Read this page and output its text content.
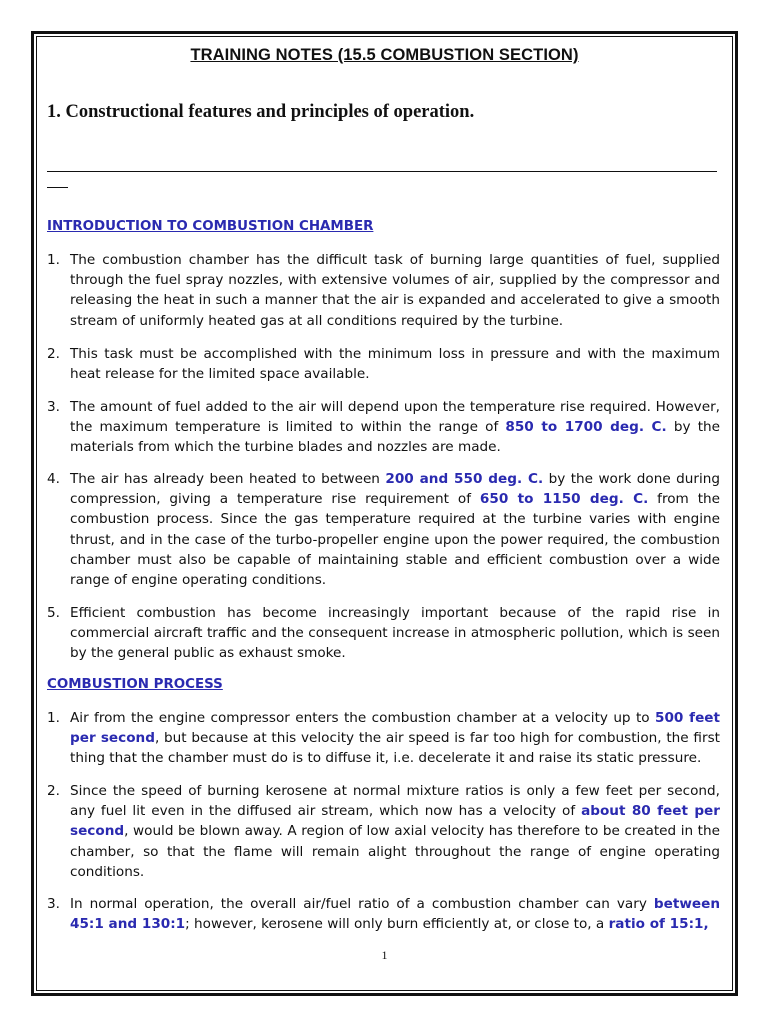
TRAINING NOTES (15.5 COMBUSTION SECTION)
1. Constructional features and principles of operation.
INTRODUCTION TO COMBUSTION CHAMBER
1. The combustion chamber has the difficult task of burning large quantities of fuel, supplied through the fuel spray nozzles, with extensive volumes of air, supplied by the compressor and releasing the heat in such a manner that the air is expanded and accelerated to give a smooth stream of uniformly heated gas at all conditions required by the turbine.
2. This task must be accomplished with the minimum loss in pressure and with the maximum heat release for the limited space available.
3. The amount of fuel added to the air will depend upon the temperature rise required. However, the maximum temperature is limited to within the range of 850 to 1700 deg. C. by the materials from which the turbine blades and nozzles are made.
4. The air has already been heated to between 200 and 550 deg. C. by the work done during compression, giving a temperature rise requirement of 650 to 1150 deg. C. from the combustion process. Since the gas temperature required at the turbine varies with engine thrust, and in the case of the turbo-propeller engine upon the power required, the combustion chamber must also be capable of maintaining stable and efficient combustion over a wide range of engine operating conditions.
5. Efficient combustion has become increasingly important because of the rapid rise in commercial aircraft traffic and the consequent increase in atmospheric pollution, which is seen by the general public as exhaust smoke.
COMBUSTION PROCESS
1. Air from the engine compressor enters the combustion chamber at a velocity up to 500 feet per second, but because at this velocity the air speed is far too high for combustion, the first thing that the chamber must do is to diffuse it, i.e. decelerate it and raise its static pressure.
2. Since the speed of burning kerosene at normal mixture ratios is only a few feet per second, any fuel lit even in the diffused air stream, which now has a velocity of about 80 feet per second, would be blown away. A region of low axial velocity has therefore to be created in the chamber, so that the flame will remain alight throughout the range of engine operating conditions.
3. In normal operation, the overall air/fuel ratio of a combustion chamber can vary between 45:1 and 130:1; however, kerosene will only burn efficiently at, or close to, a ratio of 15:1,
1
